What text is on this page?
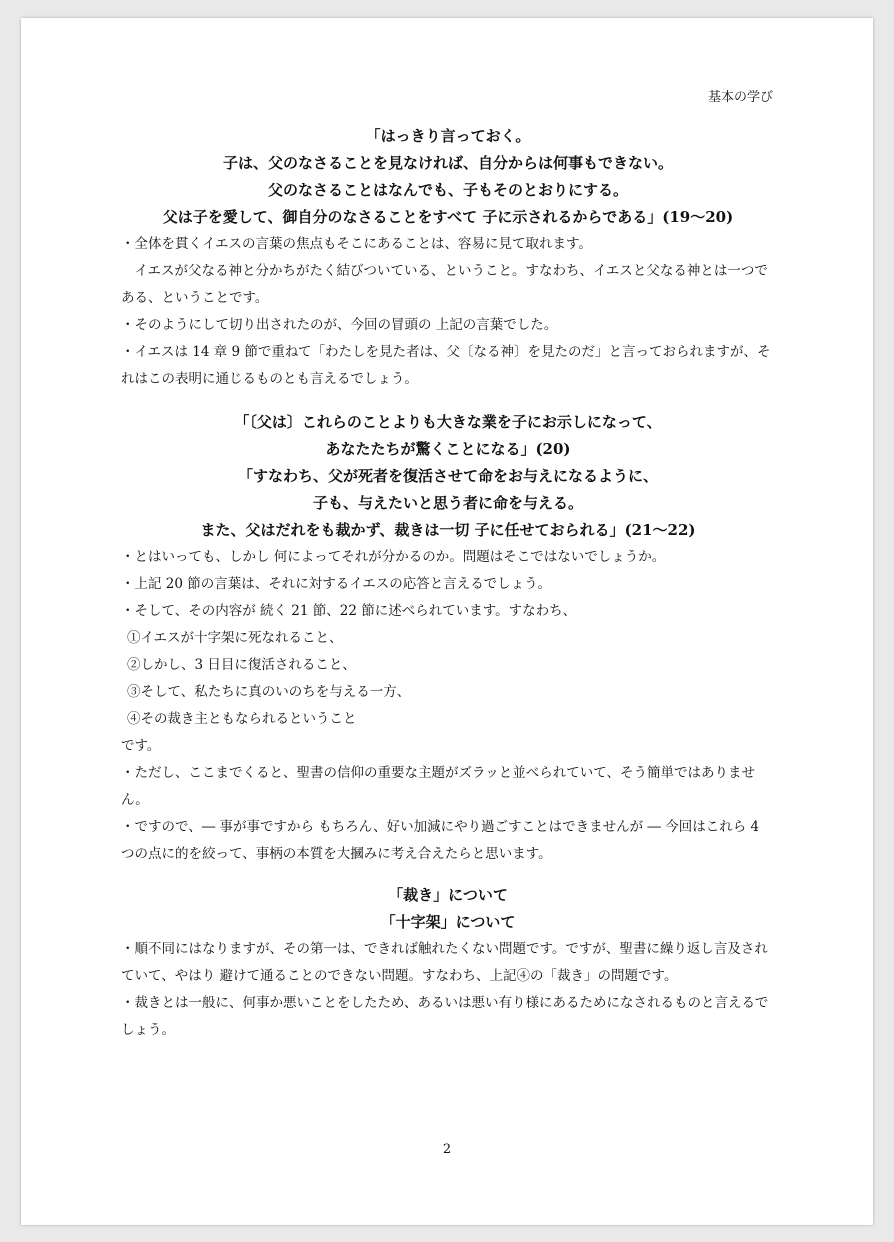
基本の学び
「はっきり言っておく。
子は、父のなさることを見なければ、自分からは何事もできない。
父のなさることはなんでも、子もそのとおりにする。
父は子を愛して、御自分のなさることをすべて 子に示されるからである」(19〜20)

・全体を貫くイエスの言葉の焦点もそこにあることは、容易に見て取れます。

　イエスが父なる神と分かちがたく結びついている、ということ。すなわち、イエスと父なる神とは一つである、ということです。

・そのようにして切り出されたのが、今回の冒頭の 上記の言葉でした。

・イエスは 14 章 9 節で重ねて「わたしを見た者は、父〔なる神〕を見たのだ」と言っておられますが、それはこの表明に通じるものとも言えるでしょう。

「〔父は〕これらのことよりも大きな業を子にお示しになって、
あなたたちが驚くことになる」(20)
「すなわち、父が死者を復活させて命をお与えになるように、
子も、与えたいと思う者に命を与える。
また、父はだれをも裁かず、裁きは一切 子に任せておられる」(21〜22)

・とはいっても、しかし 何によってそれが分かるのか。問題はそこではないでしょうか。

・上記 20 節の言葉は、それに対するイエスの応答と言えるでしょう。

・そして、その内容が 続く 21 節、22 節に述べられています。すなわち、

①イエスが十字架に死なれること、
②しかし、3 日目に復活されること、
③そして、私たちに真のいのちを与える一方、
④その裁き主ともなられるということ

です。

・ただし、ここまでくると、聖書の信仰の重要な主題がズラッと並べられていて、そう簡単ではありません。

・ですので、― 事が事ですから もちろん、好い加減にやり過ごすことはできませんが ― 今回はこれら 4 つの点に的を絞って、事柄の本質を大摑みに考え合えたらと思います。

「裁き」について
「十字架」について

・順不同にはなりますが、その第一は、できれば触れたくない問題です。ですが、聖書に繰り返し言及されていて、やはり 避けて通ることのできない問題。すなわち、上記④の「裁き」の問題です。

・裁きとは一般に、何事か悪いことをしたため、あるいは悪い有り様にあるためになされるものと言えるでしょう。

2
